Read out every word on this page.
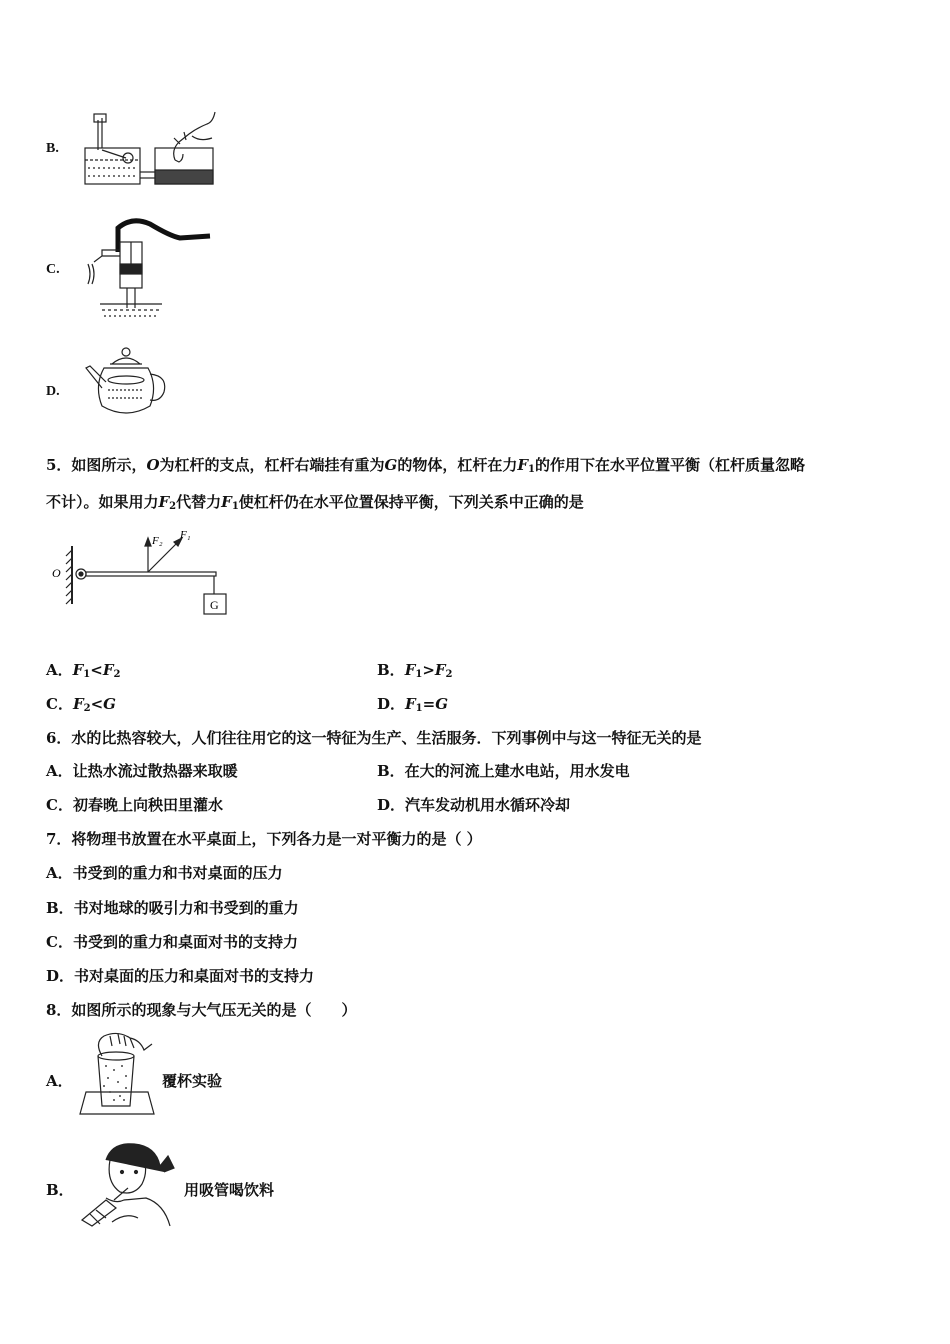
B.
C.
D.
5．如图所示，O为杠杆的支点，杠杆右端挂有重为G的物体，杠杆在力$F_1$的作用下在水平位置平衡（杠杆质量忽略
不计）。如果用力$F_2$代替力$F_1$使杠杆仍在水平位置保持平衡，下列关系中正确的是
O
F₂ F₁
G
A．$F_1<F_2$	B．$F_1>F_2$
C．$F_2<G$	D．$F_1=G$
6．水的比热容较大，人们往往用它的这一特征为生产、生活服务．下列事例中与这一特征无关的是
A．让热水流过散热器来取暖	B．在大的河流上建水电站，用水发电
C．初春晚上向秧田里灌水	D．汽车发动机用水循环冷却
7．将物理书放置在水平桌面上，下列各力是一对平衡力的是（ ）
A．书受到的重力和书对桌面的压力
B．书对地球的吸引力和书受到的重力
C．书受到的重力和桌面对书的支持力
D．书对桌面的压力和桌面对书的支持力
8．如图所示的现象与大气压无关的是（　　）
A．	覆杯实验
B．	用吸管喝饮料
